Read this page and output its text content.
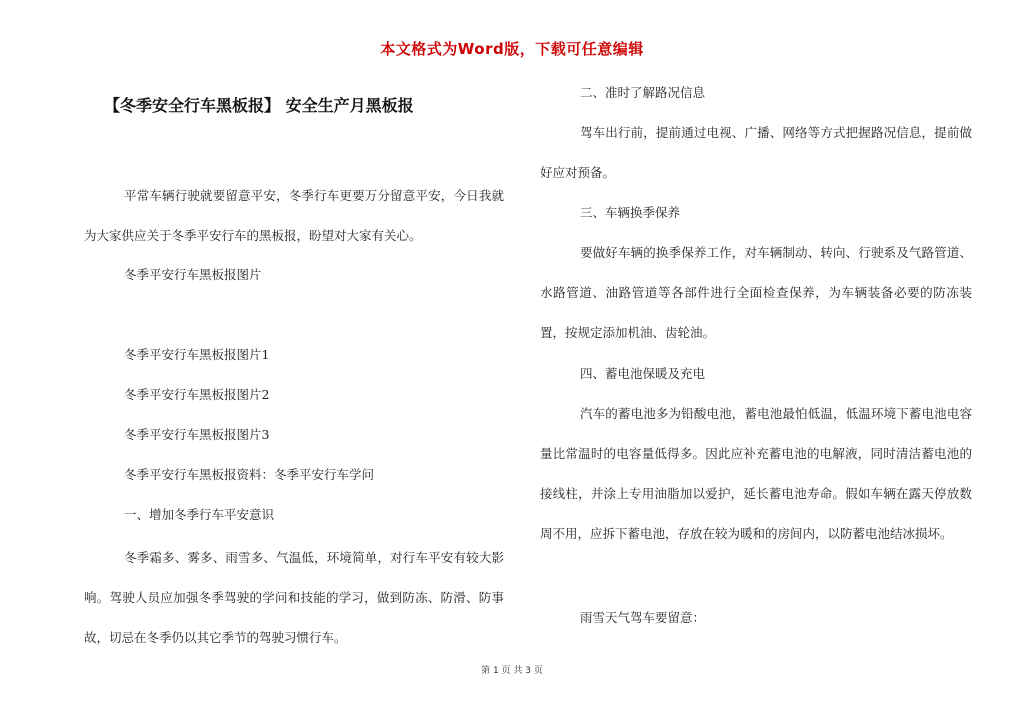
本文格式为Word版，下载可任意编辑
【冬季安全行车黑板报】 安全生产月黑板报

平常车辆行驶就要留意平安，冬季行车更要万分留意平安，今日我就为大家供应关于冬季平安行车的黑板报，盼望对大家有关心。

冬季平安行车黑板报图片

冬季平安行车黑板报图片1

冬季平安行车黑板报图片2

冬季平安行车黑板报图片3

冬季平安行车黑板报资料：冬季平安行车学问

一、增加冬季行车平安意识

冬季霜多、雾多、雨雪多、气温低，环境简单，对行车平安有较大影响。驾驶人员应加强冬季驾驶的学问和技能的学习，做到防冻、防滑、防事故，切忌在冬季仍以其它季节的驾驶习惯行车。

二、准时了解路况信息

驾车出行前，提前通过电视、广播、网络等方式把握路况信息，提前做好应对预备。

三、车辆换季保养

要做好车辆的换季保养工作，对车辆制动、转向、行驶系及气路管道、水路管道、油路管道等各部件进行全面检查保养，为车辆装备必要的防冻装置，按规定添加机油、齿轮油。

四、蓄电池保暖及充电

汽车的蓄电池多为铅酸电池，蓄电池最怕低温，低温环境下蓄电池电容量比常温时的电容量低得多。因此应补充蓄电池的电解液，同时清洁蓄电池的接线柱，并涂上专用油脂加以爱护，延长蓄电池寿命。假如车辆在露天停放数周不用，应拆下蓄电池，存放在较为暖和的房间内，以防蓄电池结冰损坏。

雨雪天气驾车要留意：

第 1 页 共 3 页
